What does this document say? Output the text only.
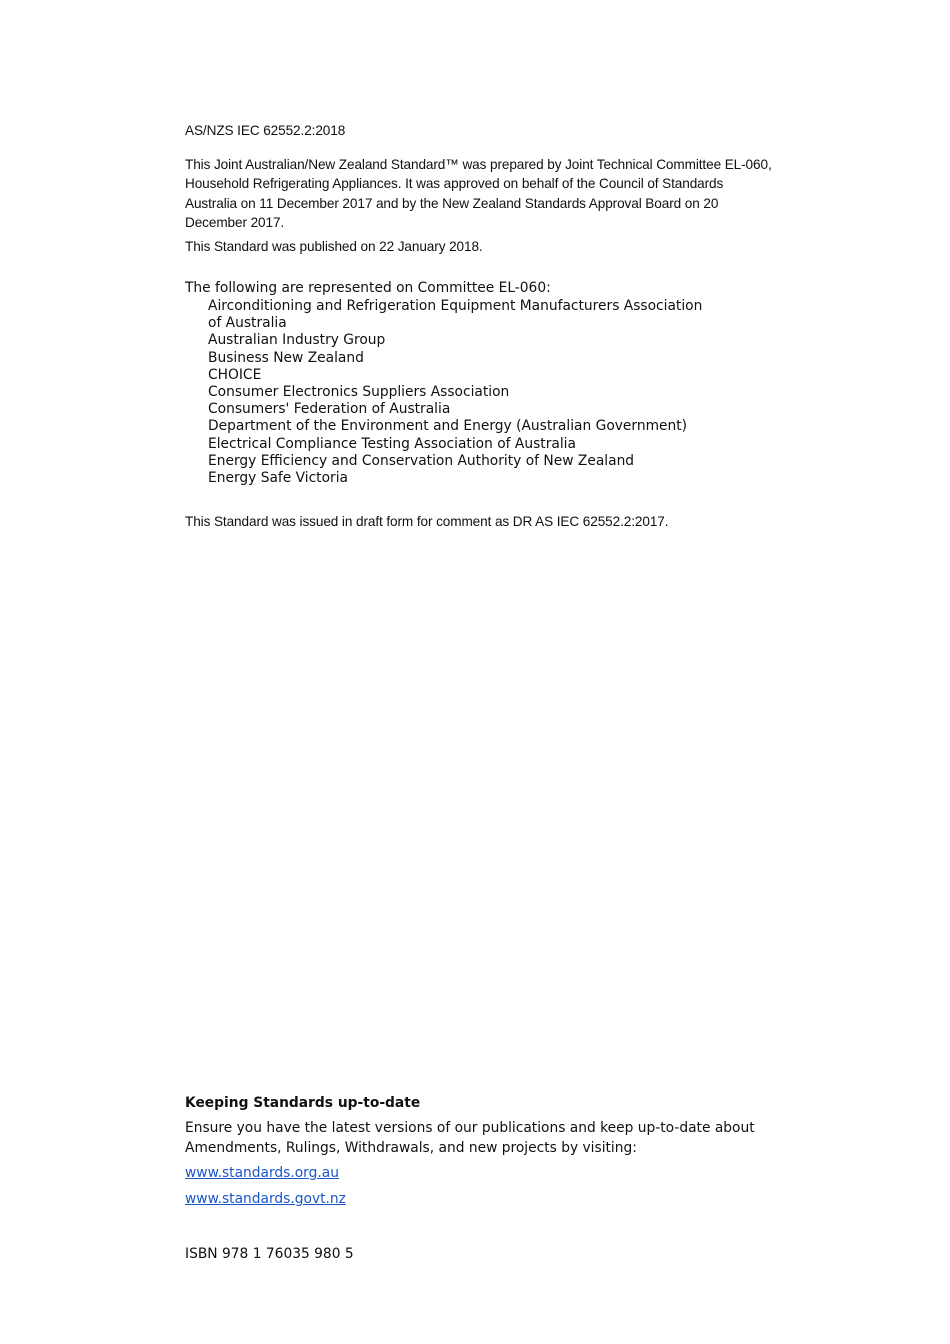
AS/NZS IEC 62552.2:2018

This Joint Australian/New Zealand Standard™ was prepared by Joint Technical Committee EL-060, Household Refrigerating Appliances. It was approved on behalf of the Council of Standards Australia on 11 December 2017 and by the New Zealand Standards Approval Board on 20 December 2017.

This Standard was published on 22 January 2018.

The following are represented on Committee EL-060:

Airconditioning and Refrigeration Equipment Manufacturers Association
of Australia
Australian Industry Group
Business New Zealand
CHOICE
Consumer Electronics Suppliers Association
Consumers' Federation of Australia
Department of the Environment and Energy (Australian Government)
Electrical Compliance Testing Association of Australia
Energy Efficiency and Conservation Authority of New Zealand
Energy Safe Victoria

This Standard was issued in draft form for comment as DR AS IEC 62552.2:2017.

Keeping Standards up-to-date

Ensure you have the latest versions of our publications and keep up-to-date about Amendments, Rulings, Withdrawals, and new projects by visiting:

www.standards.org.au
www.standards.govt.nz

ISBN 978 1 76035 980 5
